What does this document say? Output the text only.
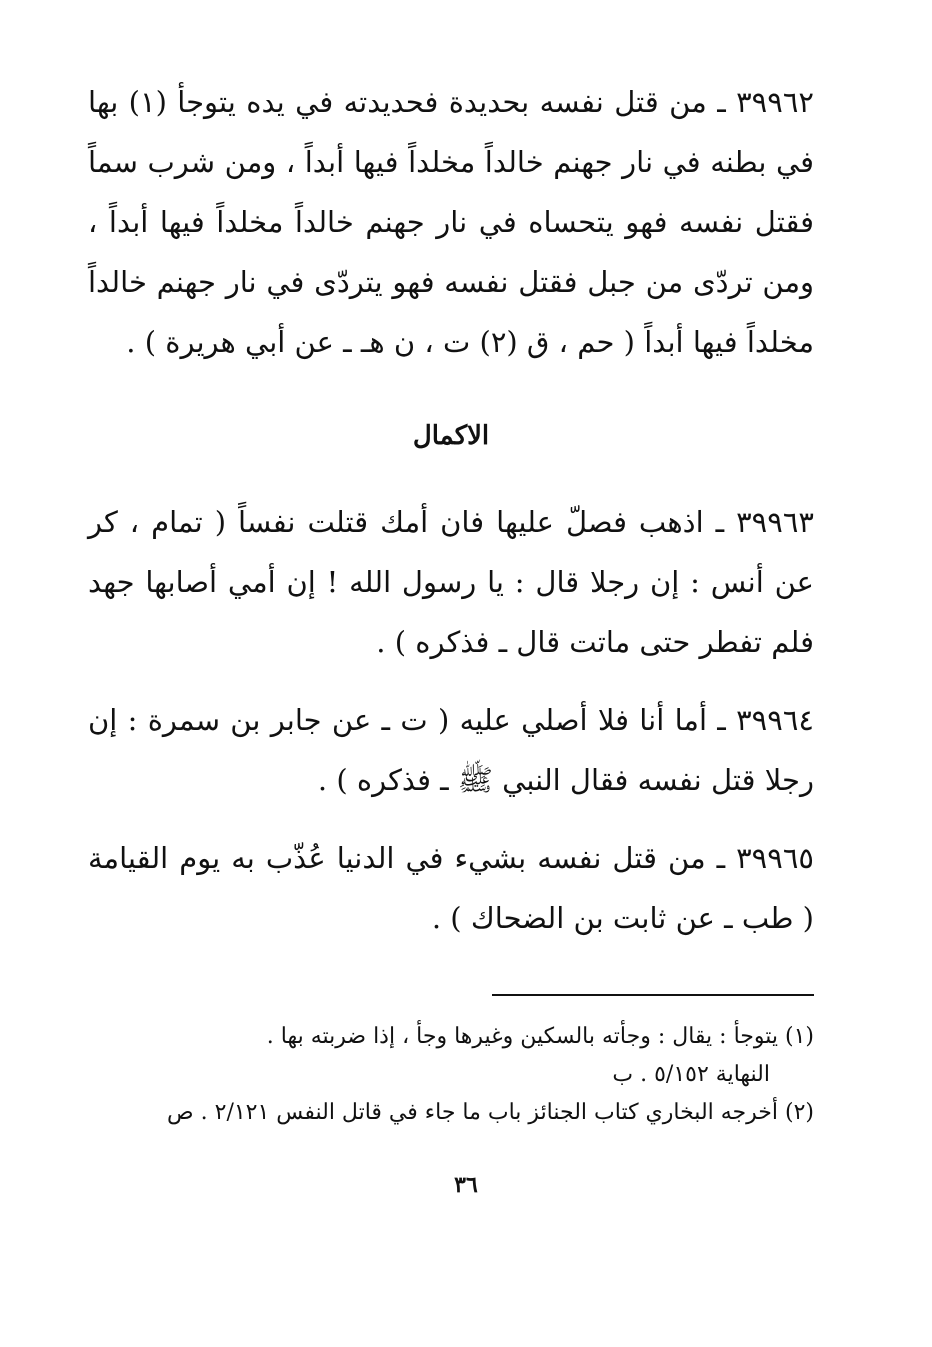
٣٩٩٦٢ ـ من قتل نفسه بحديدة فحديدته في يده يتوجأ (١) بها في بطنه في نار جهنم خالداً مخلداً فيها أبداً ، ومن شرب سماً فقتل نفسه فهو يتحساه في نار جهنم خالداً مخلداً فيها أبداً ، ومن تردّى من جبل فقتل نفسه فهو يتردّى في نار جهنم خالداً مخلداً فيها أبداً ( حم ، ق (٢) ت ، ن هـ ـ عن أبي هريرة ) .

الاكمال

٣٩٩٦٣ ـ اذهب فصلّ عليها فان أمك قتلت نفساً ( تمام ، كر عن أنس : إن رجلا قال : يا رسول الله ! إن أمي أصابها جهد فلم تفطر حتى ماتت قال ـ فذكره ) .

٣٩٩٦٤ ـ أما أنا فلا أصلي عليه ( ت ـ عن جابر بن سمرة : إن رجلا قتل نفسه فقال النبي ﷺ ـ فذكره ) .

٣٩٩٦٥ ـ من قتل نفسه بشيء في الدنيا عُذّب به يوم القيامة ( طب ـ عن ثابت بن الضحاك ) .

(١) يتوجأ : يقال : وجأته بالسكين وغيرها وجأ ، إذا ضربته بها .

النهاية ٥/١٥٢ . ب

(٢) أخرجه البخاري كتاب الجنائز باب ما جاء في قاتل النفس ٢/١٢١ . ص

٣٦
